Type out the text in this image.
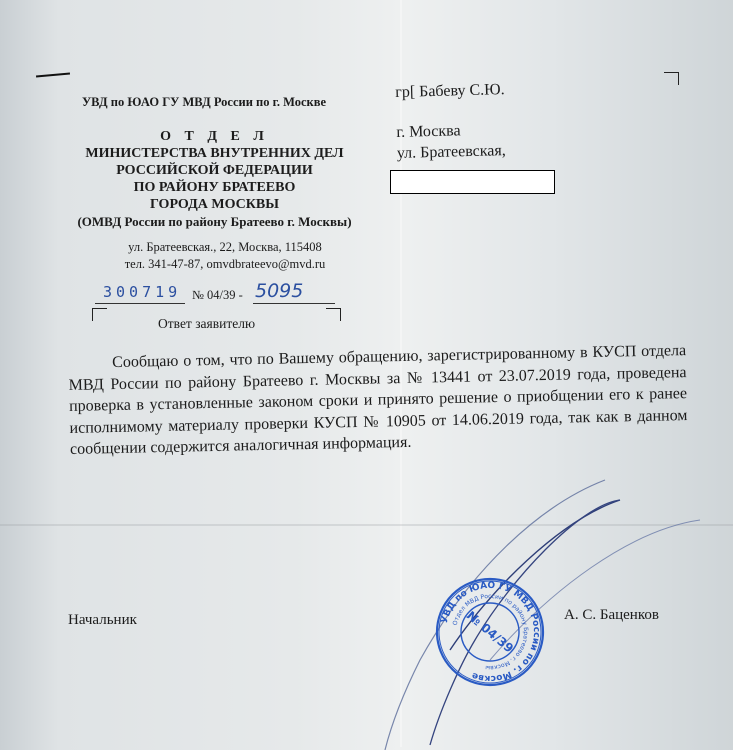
УВД по ЮАО ГУ МВД России по г. Москве
О Т Д Е Л
МИНИСТЕРСТВА ВНУТРЕННИХ ДЕЛ
РОССИЙСКОЙ ФЕДЕРАЦИИ
ПО РАЙОНУ БРАТЕЕВО
ГОРОДА МОСКВЫ
(ОМВД России по району Братеево г. Москвы)
ул. Братеевская., 22, Москва, 115408
тел. 341-47-87, omvdbrateevo@mvd.ru
300719 № 04/39 - 5095
Ответ заявителю
гр[ Бабеву С.Ю.
г. Москва
ул. Братеевская,

Сообщаю о том, что по Вашему обращению, зарегистрированному в КУСП отдела МВД России по району Братеево г. Москвы за № 13441 от 23.07.2019 года, проведена проверка в установленные законом сроки и принято решение о приобщении его к ранее исполнимому материалу проверки КУСП № 10905 от 14.06.2019 года, так как в данном сообщении содержится аналогичная информация.

Начальник	А. С. Баценков
УВД по ЮАО ГУ МВД России по г. Москве
Отдел МВД России по району Братеево г. Москвы
№ 04/39
